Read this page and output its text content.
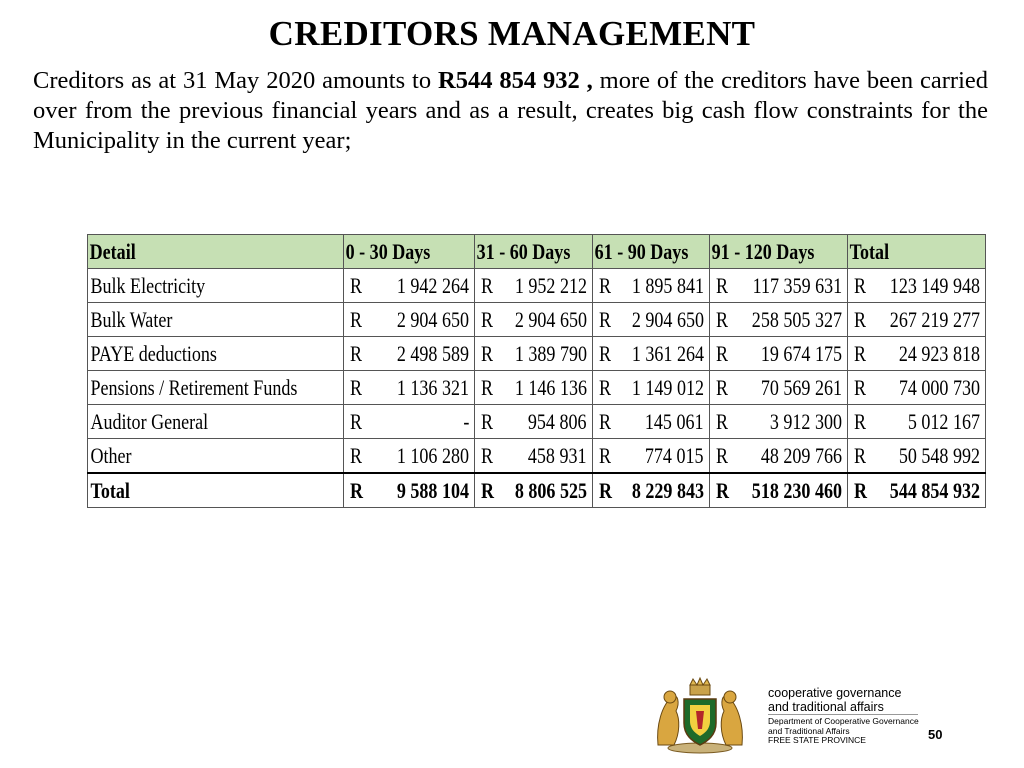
CREDITORS MANAGEMENT
Creditors as at 31 May 2020 amounts to R544 854 932 , more of the creditors have been carried over from the previous financial years and as a result, creates big cash flow constraints for the Municipality in the current year;
Detail	0 - 30 Days	31 - 60 Days	61 - 90 Days	91 - 120 Days	Total
Bulk Electricity	R 1 942 264	R 1 952 212	R 1 895 841	R 117 359 631	R 123 149 948

Bulk Water	R 2 904 650	R 2 904 650	R 2 904 650	R 258 505 327	R 267 219 277

PAYE deductions	R 2 498 589	R 1 389 790	R 1 361 264	R 19 674 175	R 24 923 818

Pensions / Retirement Funds	R 1 136 321	R 1 146 136	R 1 149 012	R 70 569 261	R 74 000 730

Auditor General	R -	R 954 806	R 145 061	R 3 912 300	R 5 012 167

Other	R 1 106 280	R 458 931	R 774 015	R 48 209 766	R 50 548 992

Total	R 9 588 104	R 8 806 525	R 8 229 843	R 518 230 460	R 544 854 932
cooperative governance
and traditional affairs
Department of Cooperative Governance
and Traditional Affairs
FREE STATE PROVINCE	50
